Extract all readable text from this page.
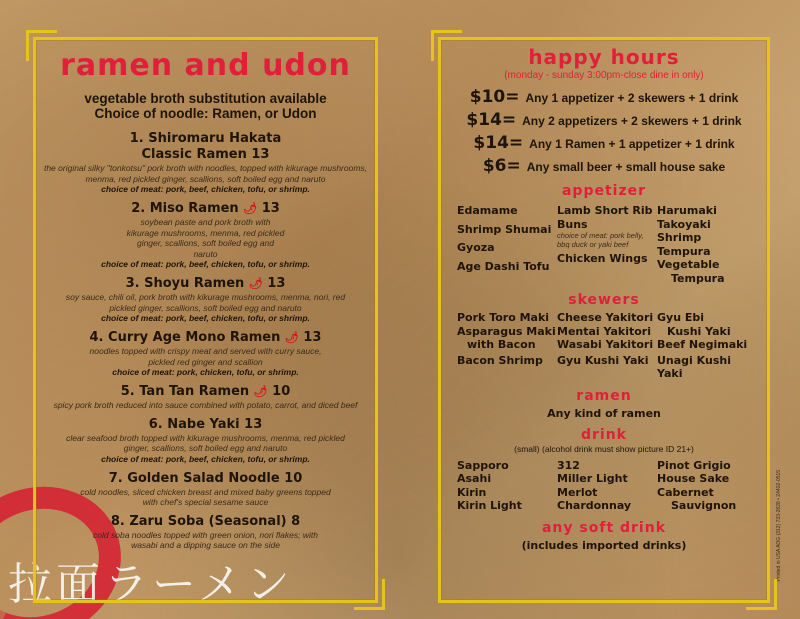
拉面ラーメン
Printed in USA AOG (312) 733-2828 • 24402-0515
ramen and udon
vegetable broth substitution available
Choice of noodle: Ramen, or Udon
1. Shiromaru Hakata
Classic Ramen 13
the original silky "tonkotsu" pork broth with noodles, topped with kikurage mushrooms, menma, red pickled ginger, scallions, soft boiled egg and naruto
choice of meat: pork, beef, chicken, tofu, or shrimp.
2. Miso Ramen 🌶 13
soybean paste and pork broth with kikurage mushrooms, menma, red pickled ginger, scallions, soft boiled egg and naruto
choice of meat: pork, beef, chicken, tofu, or shrimp.
3. Shoyu Ramen 🌶 13
soy sauce, chili oil, pork broth with kikurage mushrooms, menma, nori, red pickled ginger, scallions, soft boiled egg and naruto
choice of meat: pork, beef, chicken, tofu, or shrimp.
4. Curry Age Mono Ramen 🌶 13
noodles topped with crispy meat and served with curry sauce, pickled red ginger and scallion
choice of meat: pork, chicken, tofu, or shrimp.
5. Tan Tan Ramen 🌶 10
spicy pork broth reduced into sauce combined with potato, carrot, and diced beef
6. Nabe Yaki 13
clear seafood broth topped with kikurage mushrooms, menma, red pickled ginger, scallions, soft boiled egg and naruto
choice of meat: pork, beef, chicken, tofu, or shrimp.
7. Golden Salad Noodle 10
cold noodles, sliced chicken breast and mixed baby greens topped with chef's special sesame sauce
8. Zaru Soba (Seasonal) 8
cold soba noodles topped with green onion, nori flakes; with wasabi and a dipping sauce on the side
happy hours
(monday - sunday 3:00pm-close dine in only)
$10= Any 1 appetizer + 2 skewers + 1 drink
$14= Any 2 appetizers + 2 skewers + 1 drink
$14= Any 1 Ramen + 1 appetizer + 1 drink
$6= Any small beer + small house sake
appetizer
Edamame
Shrimp Shumai
Gyoza
Age Dashi Tofu
Lamb Short Rib
Buns
choice of meat: pork belly, bbq duck or yaki beef
Chicken Wings
Harumaki
Takoyaki
Shrimp Tempura
Vegetable
Tempura
skewers
Pork Toro Maki
Asparagus Maki
with Bacon
Bacon Shrimp
Cheese Yakitori
Mentai Yakitori
Wasabi Yakitori
Gyu Kushi Yaki
Gyu Ebi
Kushi Yaki
Beef Negimaki
Unagi Kushi Yaki
ramen
Any kind of ramen
drink
(small) (alcohol drink must show picture ID 21+)
Sapporo
Asahi
Kirin
Kirin Light
312
Miller Light
Merlot
Chardonnay
Pinot Grigio
House Sake
Cabernet
Sauvignon
any soft drink
(includes imported drinks)
